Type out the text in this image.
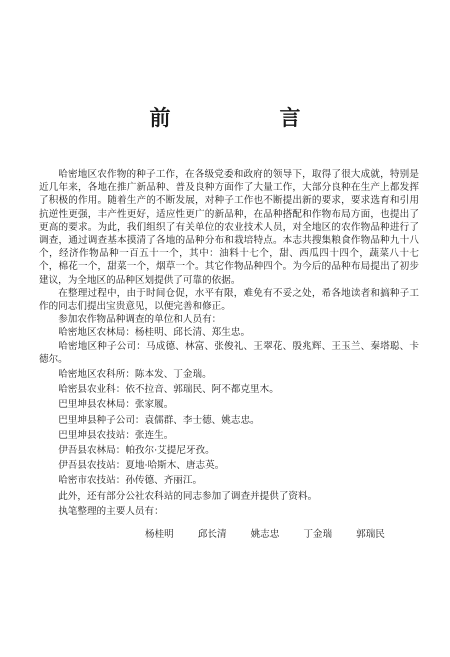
前　言

哈密地区农作物的种子工作，在各级党委和政府的领导下，取得了很大成就，特别是近几年来，各地在推广新品种、普及良种方面作了大量工作，大部分良种在生产上都发挥了积极的作用。随着生产的不断发展，对种子工作也不断提出新的要求，要求选育和引用抗逆性更强，丰产性更好，适应性更广的新品种，在品种搭配和作物布局方面，也提出了更高的要求。为此，我们组织了有关单位的农业技术人员，对全地区的农作物品种进行了调查，通过调查基本摸清了各地的品种分布和栽培特点。本志共搜集粮食作物品种九十八个，经济作物品种一百五十一个，其中：油料十七个，甜、西瓜四十四个，蔬菜八十七个，棉花一个，甜菜一个，烟草一个。其它作物品种四个。为今后的品种布局提出了初步建议，为全地区的品种区划提供了可靠的依据。

在整理过程中，由于时间仓促，水平有限，难免有不妥之处，希各地读者和搞种子工作的同志们提出宝贵意见，以便完善和修正。

参加农作物品种调查的单位和人员有：

哈密地区农林局：杨桂明、邱长清、郑生忠。

哈密地区种子公司：马成德、林富、张俊礼、王翠花、殷兆辉、王玉兰、秦塔聪、卡德尔。

哈密地区农科所：陈本发、丁金瑞。

哈密县农业科：依不拉音、郭瑞民、阿不都克里木。

巴里坤县农林局：张家履。

巴里坤县种子公司：袁儒群、李士德、姚志忠。

巴里坤县农技站：张连生。

伊吾县农林局：帕孜尔·艾提尼牙孜。

伊吾县农技站：夏地·哈斯木、唐志英。

哈密市农技站：孙传德、齐丽江。

此外，还有部分公社农科站的同志参加了调查并提供了资料。

执笔整理的主要人员有：

杨桂明	邱长清	姚志忠	丁金瑞	郭瑞民
